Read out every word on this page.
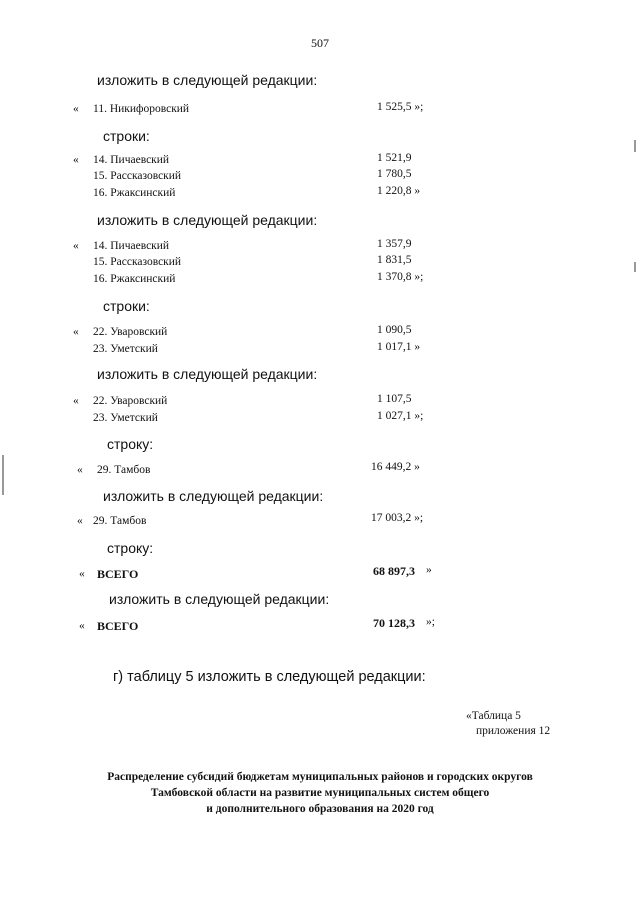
507
изложить в следующей редакции:
« 11. Никифоровский	1 525,5 »;
строки:
« 14. Пичаевский	1 521,9
15. Рассказовский	1 780,5
16. Ржаксинский	1 220,8 »
изложить в следующей редакции:
« 14. Пичаевский	1 357,9
15. Рассказовский	1 831,5
16. Ржаксинский	1 370,8 »;
строки:
« 22. Уваровский	1 090,5
23. Уметский	1 017,1 »
изложить в следующей редакции:
« 22. Уваровский	1 107,5
23. Уметский	1 027,1 »;
строку:
« 29. Тамбов	16 449,2 »
изложить в следующей редакции:
« 29. Тамбов	17 003,2 »;
строку:
« ВСЕГО	68 897,3 »
изложить в следующей редакции:
« ВСЕГО	70 128,3 »;
г) таблицу 5 изложить в следующей редакции:
«Таблица 5
приложения 12
Распределение субсидий бюджетам муниципальных районов и городских округов
Тамбовской области на развитие муниципальных систем общего
и дополнительного образования на 2020 год
